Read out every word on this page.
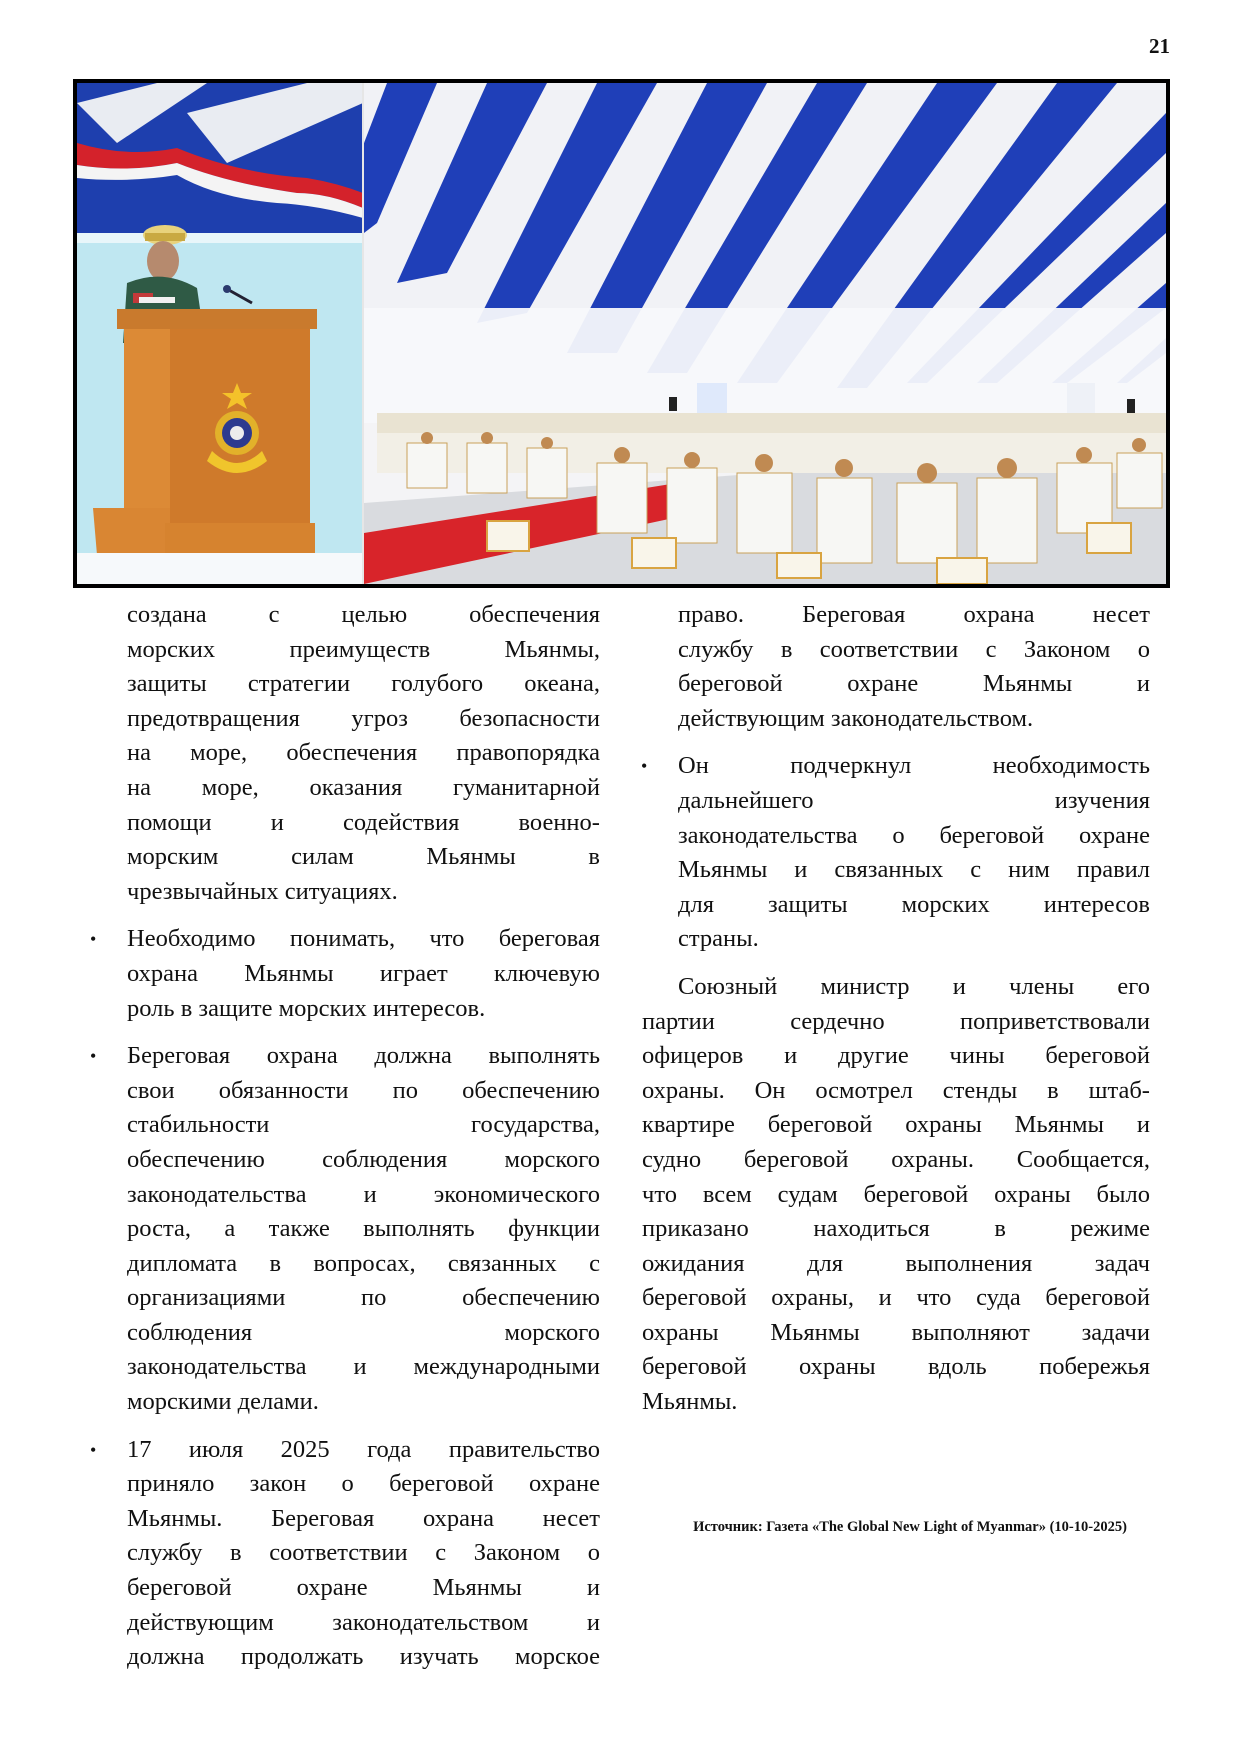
21
создана	с	целью	обеспечения
морских	преимуществ	Мьянмы,
защиты стратегии голубого океана,
предотвращения угроз безопасности
на море, обеспечения правопорядка
на море, оказания гуманитарной
помощи и содействия военно-
морским	силам	Мьянмы	в
чрезвычайных ситуациях.
• Необходимо понимать, что береговая
охрана Мьянмы играет ключевую
роль в защите морских интересов.
• Береговая охрана должна выполнять
свои обязанности по обеспечению
стабильности	государства,
обеспечению соблюдения морского
законодательства и экономического
роста, а также выполнять функции
дипломата в вопросах, связанных с
организациями	по	обеспечению
соблюдения	морского
законодательства и международными
морскими делами.
• 17 июля 2025 года правительство
приняло закон о береговой охране
Мьянмы. Береговая охрана несет
службу в соответствии с Законом о
береговой	охране	Мьянмы	и
действующим законодательством и
должна продолжать изучать морское
право. Береговая охрана несет
службу в соответствии с Законом о
береговой	охране	Мьянмы	и
действующим законодательством.
• Он	подчеркнул	необходимость
дальнейшего	изучения
законодательства о береговой охране
Мьянмы и связанных с ним правил
для защиты морских интересов
страны.
Союзный министр и члены его
партии	сердечно	поприветствовали
офицеров и другие чины береговой
охраны. Он осмотрел стенды в штаб-
квартире береговой охраны Мьянмы и
судно береговой охраны. Сообщается,
что всем судам береговой охраны было
приказано	находиться	в	режиме
ожидания	для	выполнения	задач
береговой охраны, и что суда береговой
охраны Мьянмы выполняют задачи
береговой охраны вдоль побережья
Мьянмы.
Источник: Газета «The Global New Light of Myanmar» (10-10-2025)
